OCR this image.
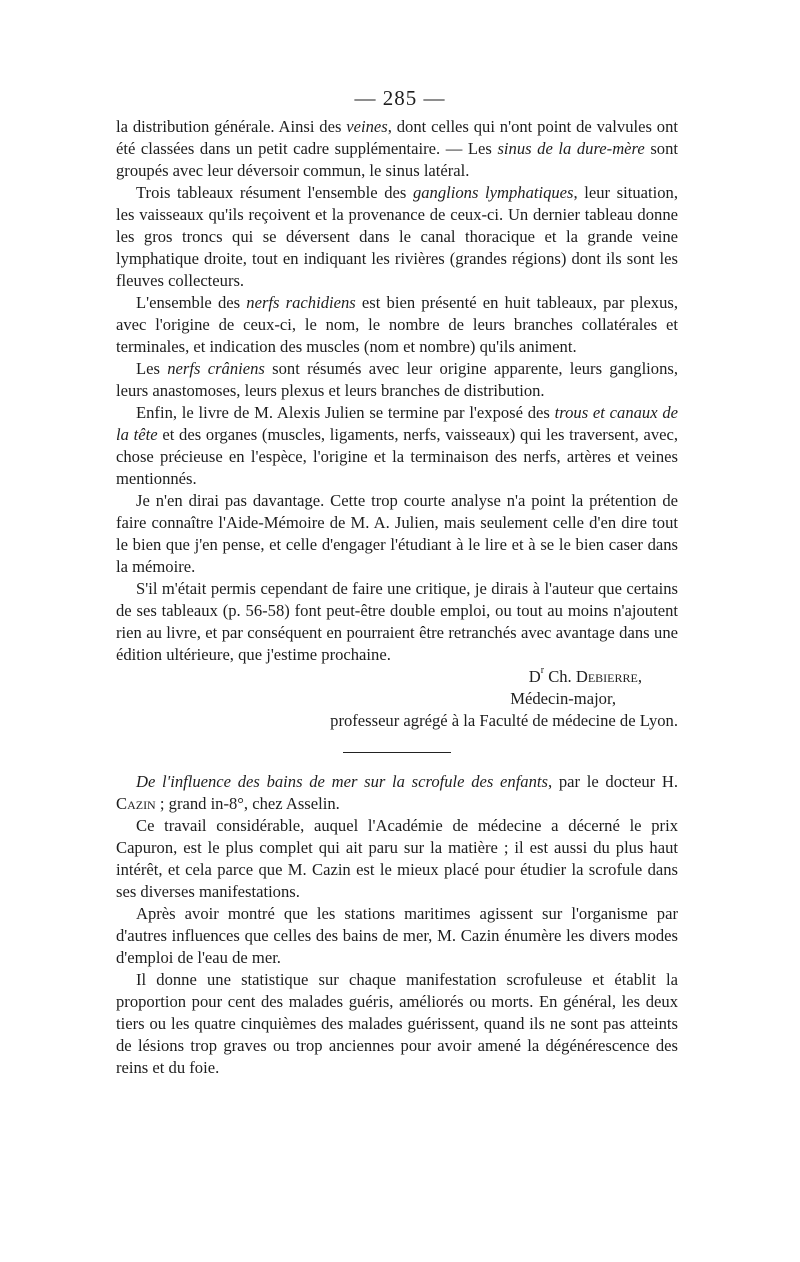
— 285 —

la distribution générale. Ainsi des veines, dont celles qui n'ont point de valvules ont été classées dans un petit cadre supplémentaire. — Les sinus de la dure-mère sont groupés avec leur déversoir commun, le sinus latéral.

Trois tableaux résument l'ensemble des ganglions lymphatiques, leur situation, les vaisseaux qu'ils reçoivent et la provenance de ceux-ci. Un dernier tableau donne les gros troncs qui se déversent dans le canal thoracique et la grande veine lymphatique droite, tout en indiquant les rivières (grandes régions) dont ils sont les fleuves collecteurs.

L'ensemble des nerfs rachidiens est bien présenté en huit tableaux, par plexus, avec l'origine de ceux-ci, le nom, le nombre de leurs branches collatérales et terminales, et indication des muscles (nom et nombre) qu'ils animent.

Les nerfs crâniens sont résumés avec leur origine apparente, leurs ganglions, leurs anastomoses, leurs plexus et leurs branches de distribution.

Enfin, le livre de M. Alexis Julien se termine par l'exposé des trous et canaux de la tête et des organes (muscles, ligaments, nerfs, vaisseaux) qui les traversent, avec, chose précieuse en l'espèce, l'origine et la terminaison des nerfs, artères et veines mentionnés.

Je n'en dirai pas davantage. Cette trop courte analyse n'a point la prétention de faire connaître l'Aide-Mémoire de M. A. Julien, mais seulement celle d'en dire tout le bien que j'en pense, et celle d'engager l'étudiant à le lire et à se le bien caser dans la mémoire.

S'il m'était permis cependant de faire une critique, je dirais à l'auteur que certains de ses tableaux (p. 56-58) font peut-être double emploi, ou tout au moins n'ajoutent rien au livre, et par conséquent en pourraient être retranchés avec avantage dans une édition ultérieure, que j'estime prochaine.

$D^r$ Ch. Debierre,
Médecin-major,
professeur agrégé à la Faculté de médecine de Lyon.

De l'influence des bains de mer sur la scrofule des enfants, par le docteur H. Cazin ; grand in-8°, chez Asselin.

Ce travail considérable, auquel l'Académie de médecine a décerné le prix Capuron, est le plus complet qui ait paru sur la matière ; il est aussi du plus haut intérêt, et cela parce que M. Cazin est le mieux placé pour étudier la scrofule dans ses diverses manifestations.

Après avoir montré que les stations maritimes agissent sur l'organisme par d'autres influences que celles des bains de mer, M. Cazin énumère les divers modes d'emploi de l'eau de mer.

Il donne une statistique sur chaque manifestation scrofuleuse et établit la proportion pour cent des malades guéris, améliorés ou morts. En général, les deux tiers ou les quatre cinquièmes des malades guérissent, quand ils ne sont pas atteints de lésions trop graves ou trop anciennes pour avoir amené la dégénérescence des reins et du foie.
